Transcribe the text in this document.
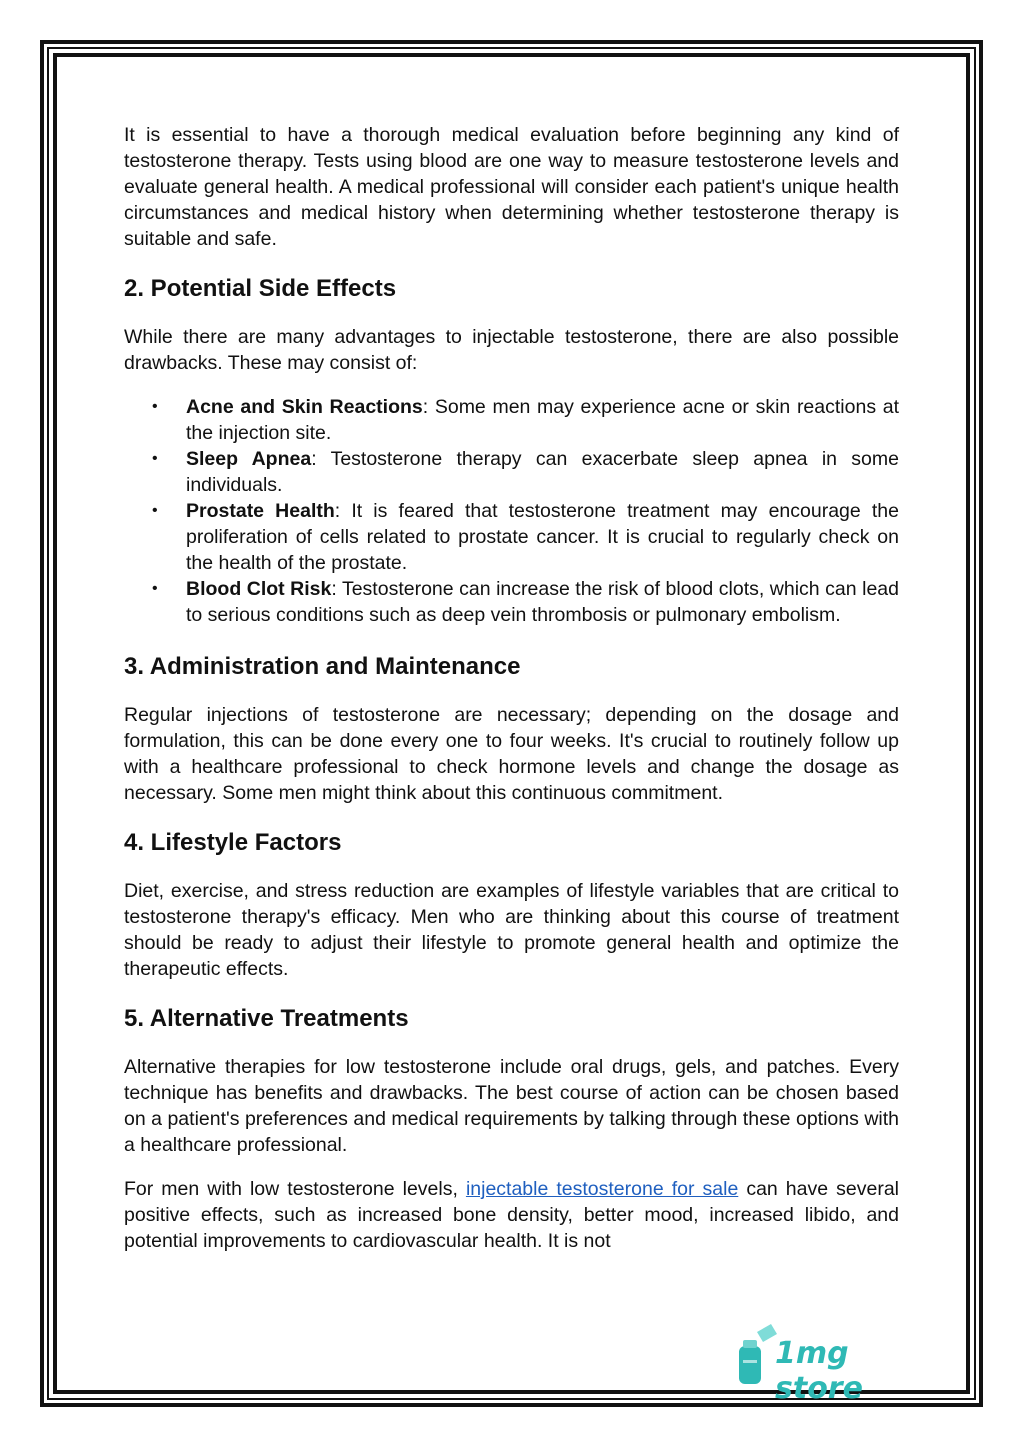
It is essential to have a thorough medical evaluation before beginning any kind of testosterone therapy. Tests using blood are one way to measure testosterone levels and evaluate general health. A medical professional will consider each patient's unique health circumstances and medical history when determining whether testosterone therapy is suitable and safe.

2. Potential Side Effects

While there are many advantages to injectable testosterone, there are also possible drawbacks. These may consist of:

• Acne and Skin Reactions: Some men may experience acne or skin reactions at the injection site.
• Sleep Apnea: Testosterone therapy can exacerbate sleep apnea in some individuals.
• Prostate Health: It is feared that testosterone treatment may encourage the proliferation of cells related to prostate cancer. It is crucial to regularly check on the health of the prostate.
• Blood Clot Risk: Testosterone can increase the risk of blood clots, which can lead to serious conditions such as deep vein thrombosis or pulmonary embolism.
3. Administration and Maintenance

Regular injections of testosterone are necessary; depending on the dosage and formulation, this can be done every one to four weeks. It's crucial to routinely follow up with a healthcare professional to check hormone levels and change the dosage as necessary. Some men might think about this continuous commitment.

4. Lifestyle Factors

Diet, exercise, and stress reduction are examples of lifestyle variables that are critical to testosterone therapy's efficacy. Men who are thinking about this course of treatment should be ready to adjust their lifestyle to promote general health and optimize the therapeutic effects.

5. Alternative Treatments

Alternative therapies for low testosterone include oral drugs, gels, and patches. Every technique has benefits and drawbacks. The best course of action can be chosen based on a patient's preferences and medical requirements by talking through these options with a healthcare professional.

For men with low testosterone levels, injectable testosterone for sale can have several positive effects, such as increased bone density, better mood, increased libido, and potential improvements to cardiovascular health. It is not

1mg store
